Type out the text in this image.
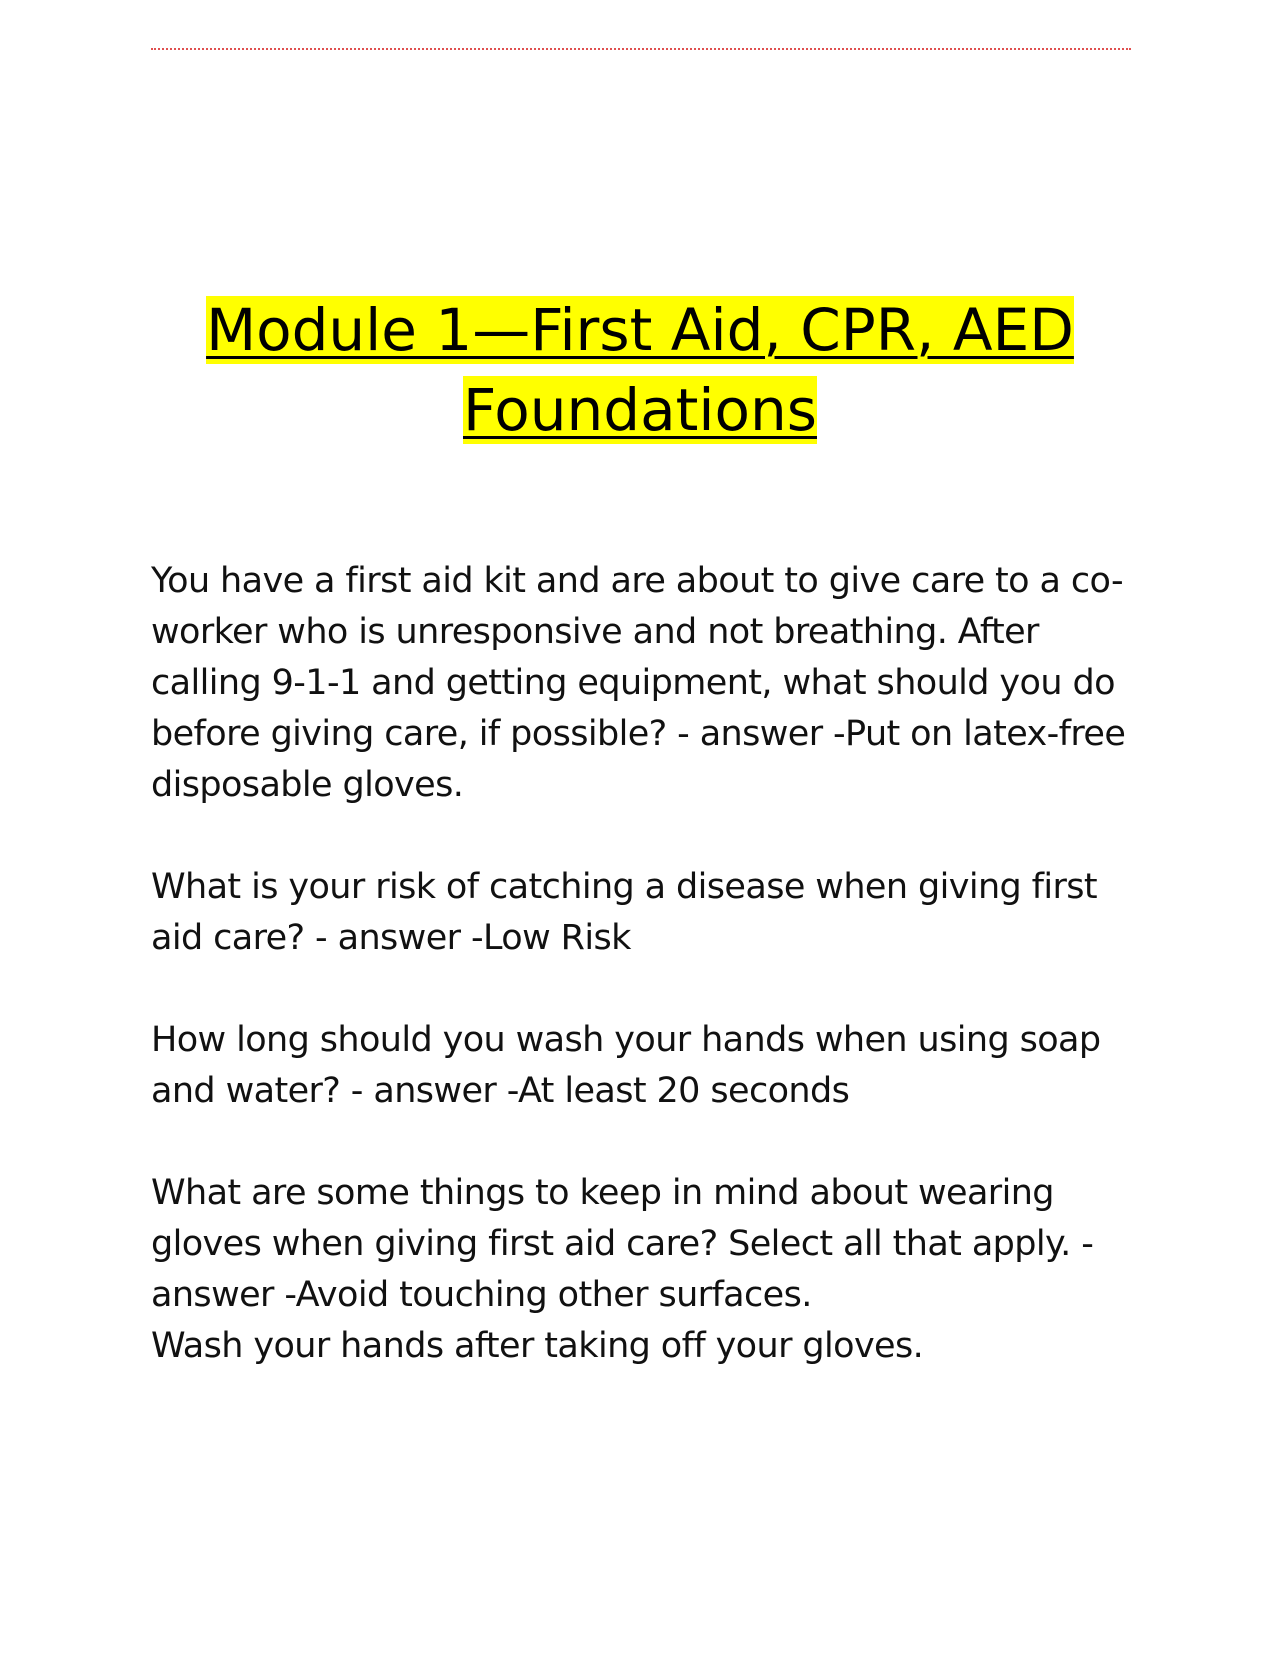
Module 1—First Aid, CPR, AED
Foundations

You have a first aid kit and are about to give care to a co-worker who is unresponsive and not breathing. After calling 9-1-1 and getting equipment, what should you do before giving care, if possible? - answer -Put on latex-free disposable gloves.

What is your risk of catching a disease when giving first aid care? - answer -Low Risk

How long should you wash your hands when using soap and water? - answer -At least 20 seconds

What are some things to keep in mind about wearing gloves when giving first aid care? Select all that apply. - answer -Avoid touching other surfaces.

Wash your hands after taking off your gloves.
